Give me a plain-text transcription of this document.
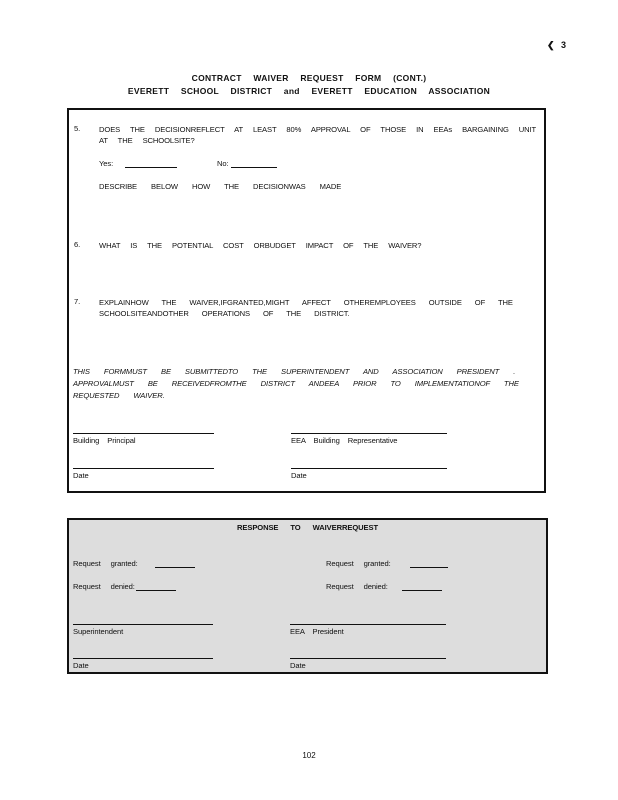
❮ 3
CONTRACT WAIVER REQUEST FORM (CONT.)
EVERETT SCHOOL DISTRICT and EVERETT EDUCATION ASSOCIATION
5. DOES THE DECISIONREFLECT AT LEAST 80% APPROVAL OF THOSE IN EEAs BARGAINING UNIT AT THE SCHOOLSITE?
Yes:	No:
DESCRIBE BELOW HOW THE DECISIONWAS MADE
6. WHAT IS THE POTENTIAL COST ORBUDGET IMPACT OF THE WAIVER?
7. EXPLAINHOW THE WAIVER,IFGRANTED,MIGHT AFFECT OTHEREMPLOYEES OUTSIDE OF THE SCHOOLSITEANDOTHER OPERATIONS OF THE DISTRICT.
THIS FORMMUST BE SUBMITTEDTO THE SUPERINTENDENT AND ASSOCIATION PRESIDENT . APPROVALMUST BE RECEIVEDFROMTHE DISTRICT ANDEEA PRIOR TO IMPLEMENTATIONOF THE REQUESTED WAIVER.
Building Principal	EEA Building Representative
Date	Date
RESPONSE TO WAIVERREQUEST
Request granted:	Request granted:
Request denied:	Request denied:
Superintendent	EEA President
Date	Date
102
